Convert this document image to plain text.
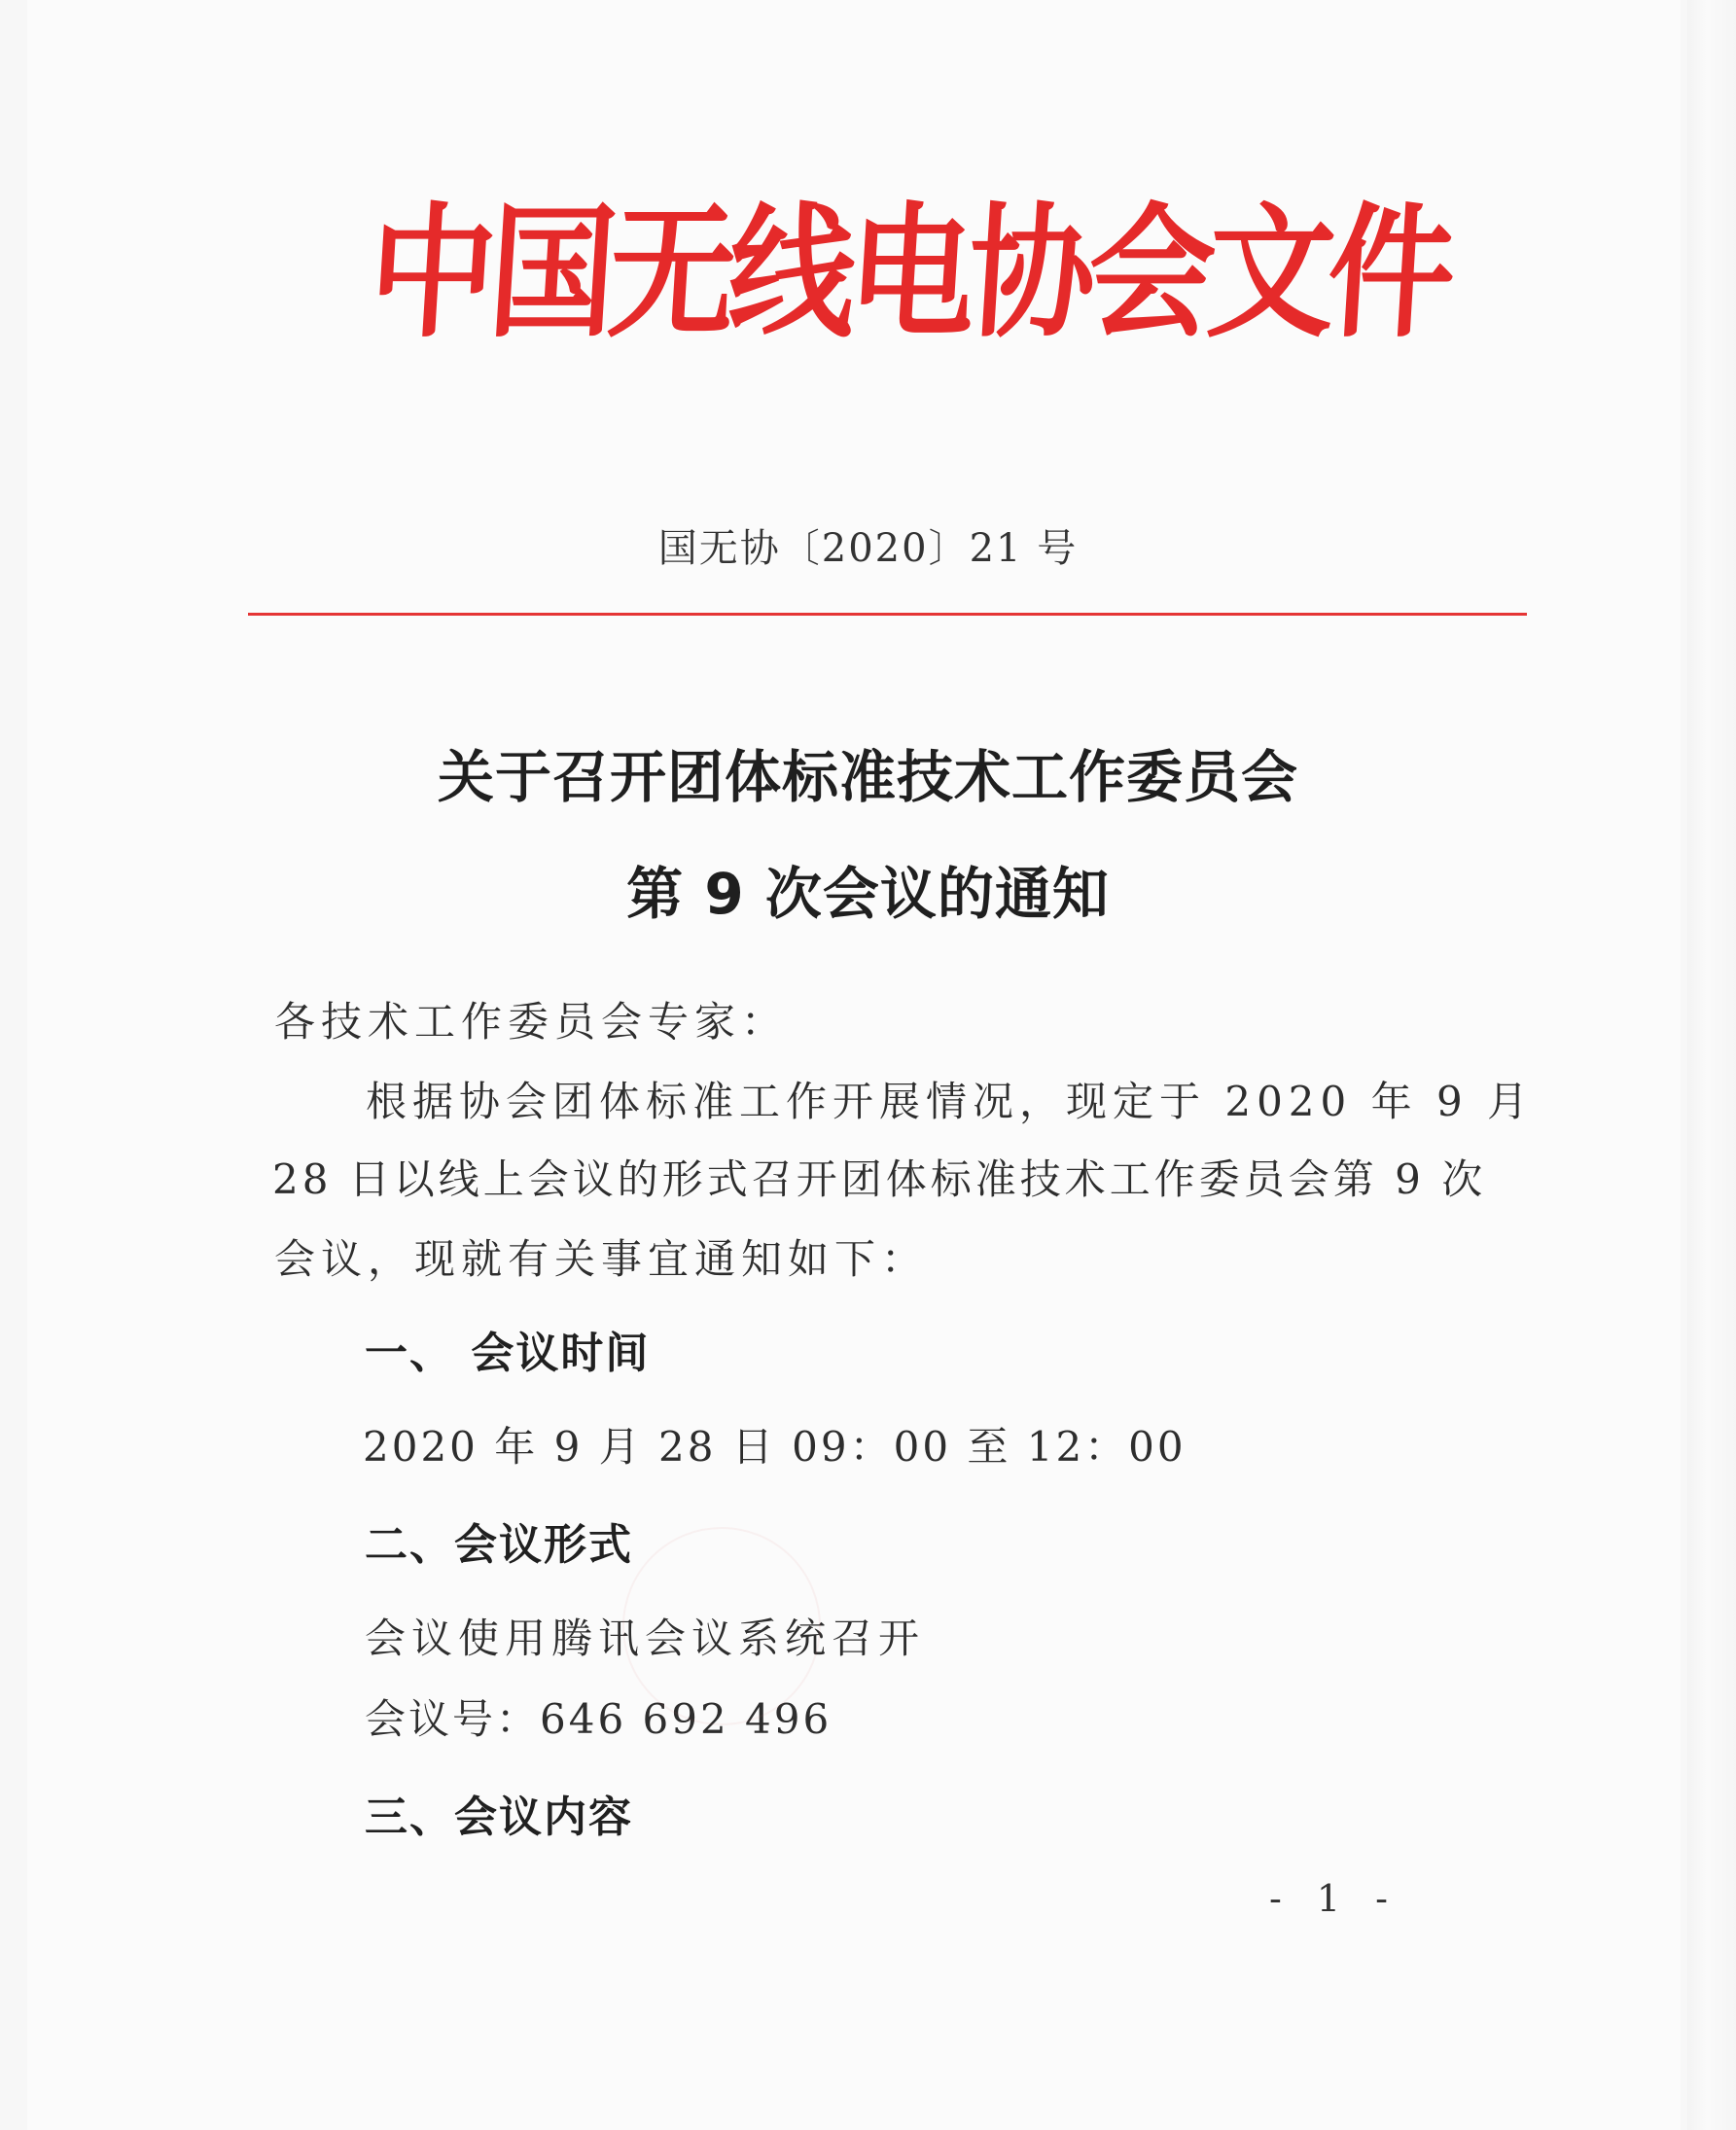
中国无线电协会文件
国无协〔2020〕21 号
关于召开团体标准技术工作委员会
第 9 次会议的通知
各技术工作委员会专家：
根据协会团体标准工作开展情况，现定于 2020 年 9 月
28 日以线上会议的形式召开团体标准技术工作委员会第 9 次
会议，现就有关事宜通知如下：
一、 会议时间
2020 年 9 月 28 日 09：00 至 12：00
二、会议形式
会议使用腾讯会议系统召开
会议号：646 692 496
三、会议内容
- 1 -
